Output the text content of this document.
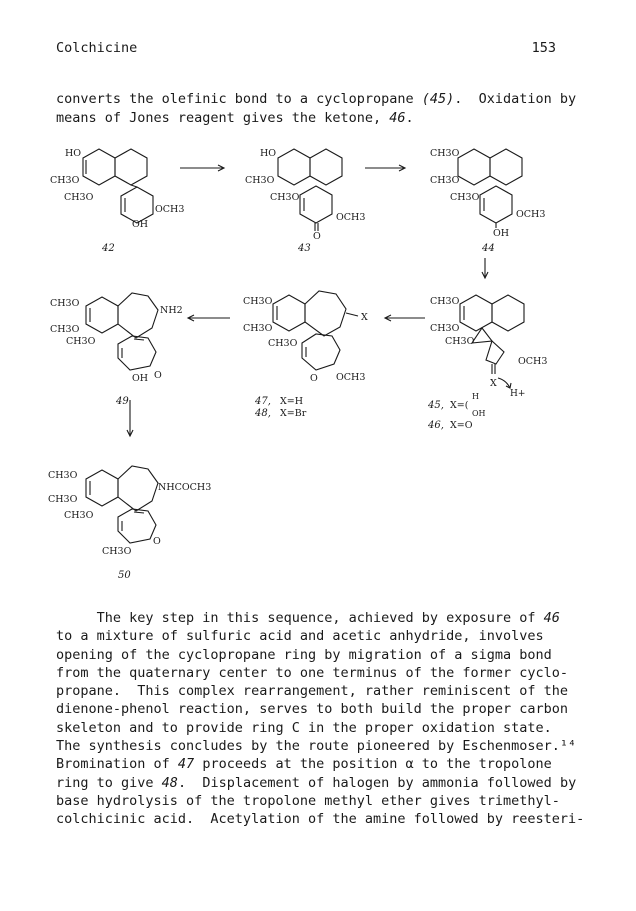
Colchicine	153
converts the olefinic bond to a cyclopropane (45).  Oxidation by
means of Jones reagent gives the ketone, 46.
HO
CH3O
CH3O
OCH3
OH
42
HO
CH3O
CH3O
OCH3
O
43
CH3O
CH3O
CH3O
OCH3
OH
44
CH3O
CH3O
CH3O
NH2
OH O
49
CH3O
CH3O
CH3O
X
O OCH3
47, X=H
48, X=Br
CH3O
CH3O
CH3O
OCH3
X
H+
45, X=(
H
OH
46, X=O
CH3O
CH3O
CH3O
NHCOCH3
CH3O
O
50
The key step in this sequence, achieved by exposure of 46
to a mixture of sulfuric acid and acetic anhydride, involves
opening of the cyclopropane ring by migration of a sigma bond
from the quaternary center to one terminus of the former cyclo-
propane.  This complex rearrangement, rather reminiscent of the
dienone-phenol reaction, serves to both build the proper carbon
skeleton and to provide ring C in the proper oxidation state.
The synthesis concludes by the route pioneered by Eschenmoser.¹⁴
Bromination of 47 proceeds at the position α to the tropolone
ring to give 48.  Displacement of halogen by ammonia followed by
base hydrolysis of the tropolone methyl ether gives trimethyl-
colchicinic acid.  Acetylation of the amine followed by reesteri-
